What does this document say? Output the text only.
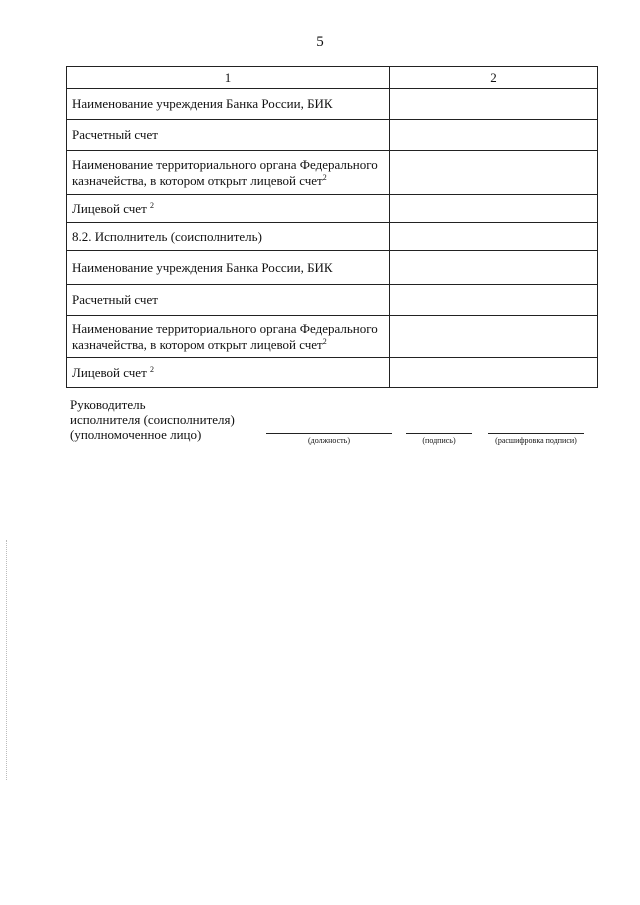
5
1	2
Наименование учреждения Банка России, БИК	
Расчетный счет	
Наименование территориального органа Федерального
казначейства, в котором открыт лицевой счет$^2$	
Лицевой счет $^2$	
8.2. Исполнитель (соисполнитель)	
Наименование учреждения Банка России, БИК	
Расчетный счет	
Наименование территориального органа Федерального
казначейства, в котором открыт лицевой счет$^2$	
Лицевой счет $^2$	
Руководитель
исполнителя (соисполнителя)
(уполномоченное лицо)	(должность)	(подпись)	(расшифровка подписи)
